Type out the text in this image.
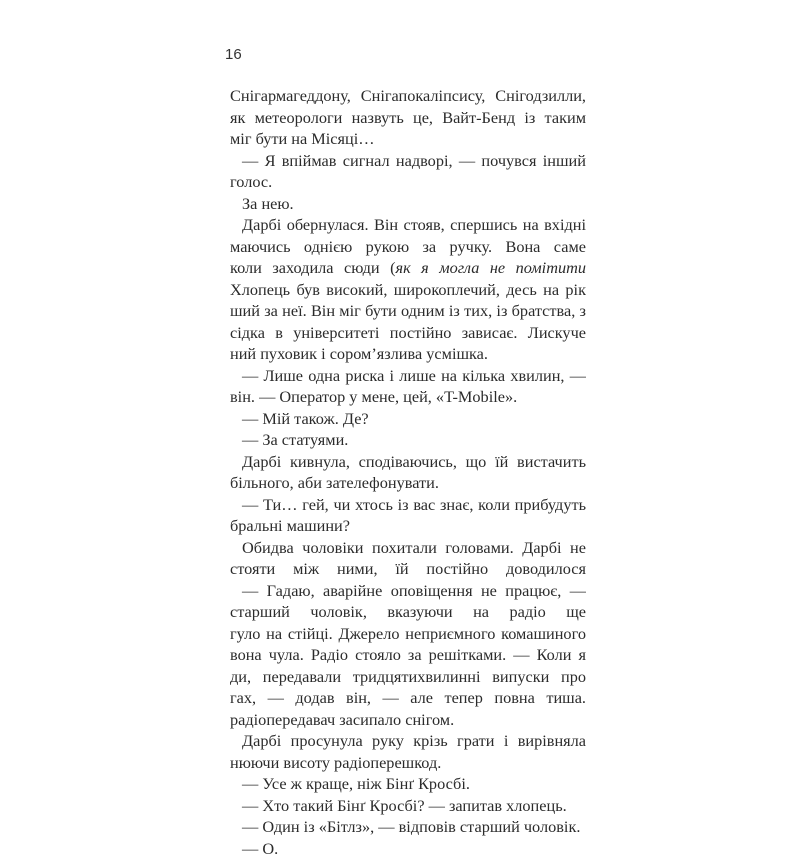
16
Снігармагеддону, Снігапокаліпсису, Снігодзилли,
як метеорологи назвуть це, Вайт-Бенд із таким
міг бути на Місяці…
— Я впіймав сигнал надворі, — почувся інший
голос.
За нею.
Дарбі обернулася. Він стояв, спершись на вхідні
маючись однією рукою за ручку. Вона саме
коли заходила сюди (як я могла не помітити
Хлопець був високий, широкоплечий, десь на рік
ший за неї. Він міг бути одним із тих, із братства, з
сідка в університеті постійно зависає. Лискуче
ний пуховик і сором’язлива усмішка.
— Лише одна риска і лише на кілька хвилин, —
він. — Оператор у мене, цей, «T-Mobile».
— Мій також. Де?
— За статуями.
Дарбі кивнула, сподіваючись, що їй вистачить
більного, аби зателефонувати.
— Ти… гей, чи хтось із вас знає, коли прибудуть
бральні машини?
Обидва чоловіки похитали головами. Дарбі не
стояти між ними, їй постійно доводилося
— Гадаю, аварійне оповіщення не працює, —
старший чоловік, вказуючи на радіо ще
гуло на стійці. Джерело неприємного комашиного
вона чула. Радіо стояло за решітками. — Коли я
ди, передавали тридцятихвилинні випуски про
гах, — додав він, — але тепер повна тиша.
радіопередавач засипало снігом.
Дарбі просунула руку крізь грати і вирівняла
нюючи висоту радіоперешкод.
— Усе ж краще, ніж Бінґ Кросбі.
— Хто такий Бінґ Кросбі? — запитав хлопець.
— Один із «Бітлз», — відповів старший чоловік.
— О.
